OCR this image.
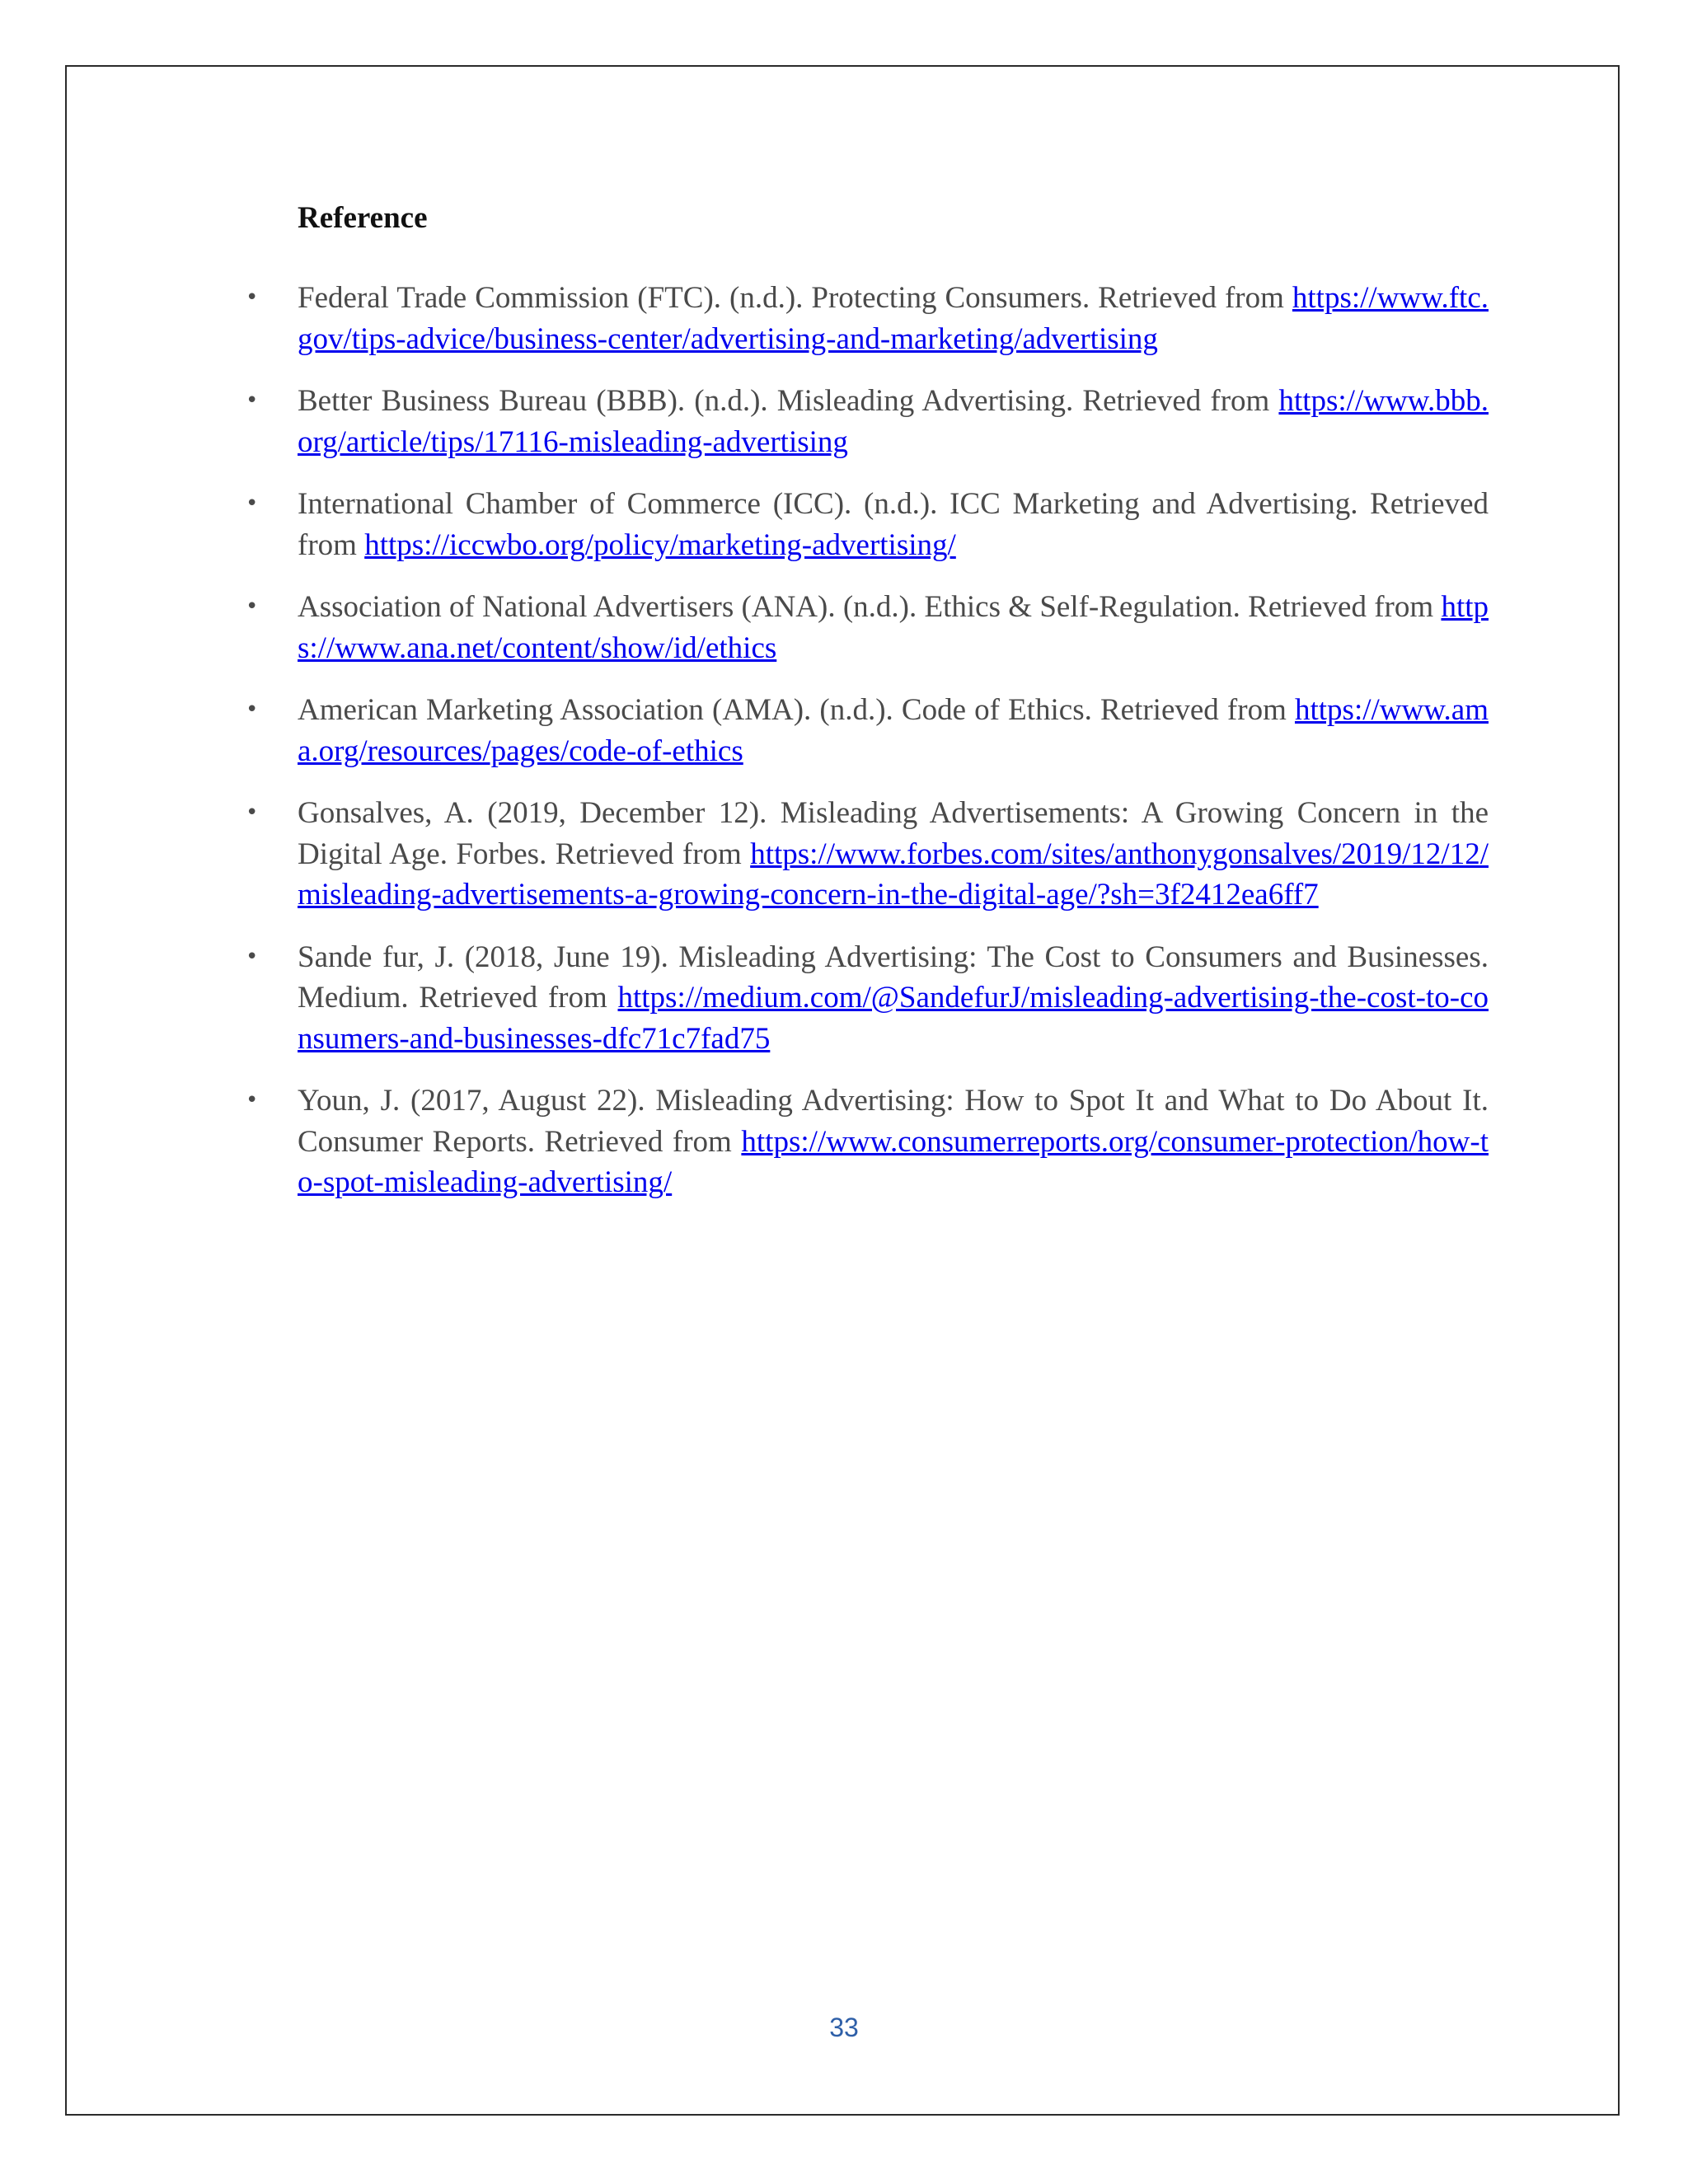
Reference
•	Federal Trade Commission (FTC). (n.d.). Protecting Consumers. Retrieved from https://www.ftc.gov/tips-advice/business-center/advertising-and-marketing/advertising
•	Better Business Bureau (BBB). (n.d.). Misleading Advertising. Retrieved from https://www.bbb.org/article/tips/17116-misleading-advertising
•	International Chamber of Commerce (ICC). (n.d.). ICC Marketing and Advertising. Retrieved from https://iccwbo.org/policy/marketing-advertising/
•	Association of National Advertisers (ANA). (n.d.). Ethics & Self-Regulation. Retrieved from https://www.ana.net/content/show/id/ethics
•	American Marketing Association (AMA). (n.d.). Code of Ethics. Retrieved from https://www.ama.org/resources/pages/code-of-ethics
•	Gonsalves, A. (2019, December 12). Misleading Advertisements: A Growing Concern in the Digital Age. Forbes. Retrieved from https://www.forbes.com/sites/anthonygonsalves/2019/12/12/misleading-advertisements-a-growing-concern-in-the-digital-age/?sh=3f2412ea6ff7
•	Sande fur, J. (2018, June 19). Misleading Advertising: The Cost to Consumers and Businesses. Medium. Retrieved from https://medium.com/@SandefurJ/misleading-advertising-the-cost-to-consumers-and-businesses-dfc71c7fad75
•	Youn, J. (2017, August 22). Misleading Advertising: How to Spot It and What to Do About It. Consumer Reports. Retrieved from https://www.consumerreports.org/consumer-protection/how-to-spot-misleading-advertising/
33
